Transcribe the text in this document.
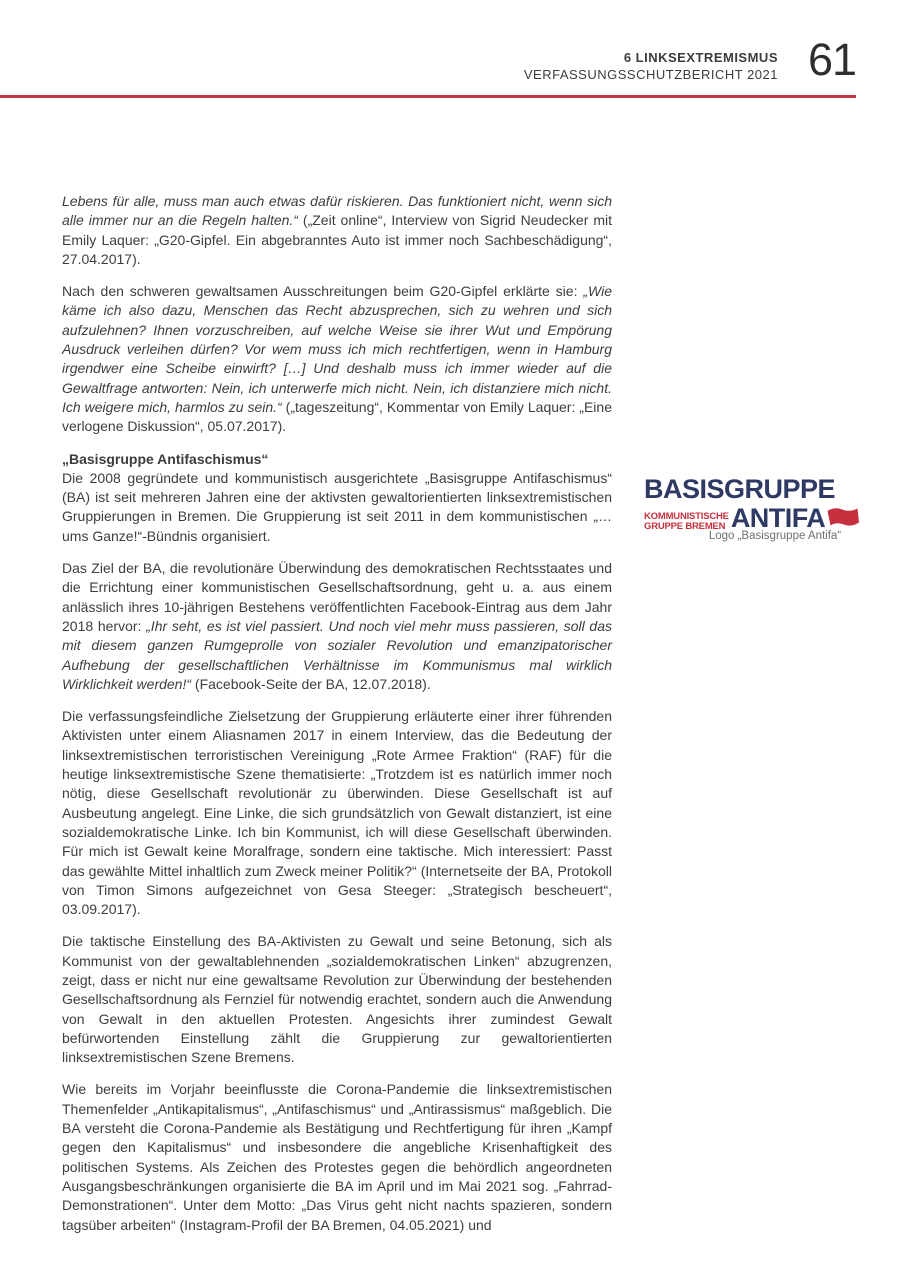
6 LINKSEXTREMISMUS
VERFASSUNGSSCHUTZBERICHT 2021 61

Lebens für alle, muss man auch etwas dafür riskieren. Das funktioniert nicht, wenn sich alle immer nur an die Regeln halten.“ („Zeit online“, Interview von Sigrid Neudecker mit Emily Laquer: „G20-Gipfel. Ein abgebranntes Auto ist immer noch Sachbeschädigung“, 27.04.2017).

Nach den schweren gewaltsamen Ausschreitungen beim G20-Gipfel erklärte sie: „Wie käme ich also dazu, Menschen das Recht abzusprechen, sich zu wehren und sich aufzulehnen? Ihnen vorzuschreiben, auf welche Weise sie ihrer Wut und Empörung Ausdruck verleihen dürfen? Vor wem muss ich mich rechtfertigen, wenn in Hamburg irgendwer eine Scheibe einwirft? […] Und deshalb muss ich immer wieder auf die Gewaltfrage antworten: Nein, ich unterwerfe mich nicht. Nein, ich distanziere mich nicht. Ich weigere mich, harmlos zu sein.“ („tageszeitung“, Kommentar von Emily Laquer: „Eine verlogene Diskussion“, 05.07.2017).

„Basisgruppe Antifaschismus“

Die 2008 gegründete und kommunistisch ausgerichtete „Basisgruppe Antifaschismus“ (BA) ist seit mehreren Jahren eine der aktivsten gewaltorientierten linksextremistischen Gruppierungen in Bremen. Die Gruppierung ist seit 2011 in dem kommunistischen „… ums Ganze!“-Bündnis organisiert.

Das Ziel der BA, die revolutionäre Überwindung des demokratischen Rechtsstaates und die Errichtung einer kommunistischen Gesellschaftsordnung, geht u. a. aus einem anlässlich ihres 10-jährigen Bestehens veröffentlichten Facebook-Eintrag aus dem Jahr 2018 hervor: „Ihr seht, es ist viel passiert. Und noch viel mehr muss passieren, soll das mit diesem ganzen Rumgeprolle von sozialer Revolution und emanzipatorischer Aufhebung der gesellschaftlichen Verhältnisse im Kommunismus mal wirklich Wirklichkeit werden!“ (Facebook-Seite der BA, 12.07.2018).

Die verfassungsfeindliche Zielsetzung der Gruppierung erläuterte einer ihrer führenden Aktivisten unter einem Aliasnamen 2017 in einem Interview, das die Bedeutung der linksextremistischen terroristischen Vereinigung „Rote Armee Fraktion“ (RAF) für die heutige linksextremistische Szene thematisierte: „Trotzdem ist es natürlich immer noch nötig, diese Gesellschaft revolutionär zu überwinden. Diese Gesellschaft ist auf Ausbeutung angelegt. Eine Linke, die sich grundsätzlich von Gewalt distanziert, ist eine sozialdemokratische Linke. Ich bin Kommunist, ich will diese Gesellschaft überwinden. Für mich ist Gewalt keine Moralfrage, sondern eine taktische. Mich interessiert: Passt das gewählte Mittel inhaltlich zum Zweck meiner Politik?“ (Internetseite der BA, Protokoll von Timon Simons aufgezeichnet von Gesa Steeger: „Strategisch bescheuert“, 03.09.2017).

Die taktische Einstellung des BA-Aktivisten zu Gewalt und seine Betonung, sich als Kommunist von der gewaltablehnenden „sozialdemokratischen Linken“ abzugrenzen, zeigt, dass er nicht nur eine gewaltsame Revolution zur Überwindung der bestehenden Gesellschaftsordnung als Fernziel für notwendig erachtet, sondern auch die Anwendung von Gewalt in den aktuellen Protesten. Angesichts ihrer zumindest Gewalt befürwortenden Einstellung zählt die Gruppierung zur gewaltorientierten linksextremistischen Szene Bremens.

Wie bereits im Vorjahr beeinflusste die Corona-Pandemie die linksextremistischen Themenfelder „Antikapitalismus“, „Antifaschismus“ und „Antirassismus“ maßgeblich. Die BA versteht die Corona-Pandemie als Bestätigung und Rechtfertigung für ihren „Kampf gegen den Kapitalismus“ und insbesondere die angebliche Krisenhaftigkeit des politischen Systems. Als Zeichen des Protestes gegen die behördlich angeordneten Ausgangsbeschränkungen organisierte die BA im April und im Mai 2021 sog. „Fahrrad-Demonstrationen“. Unter dem Motto: „Das Virus geht nicht nachts spazieren, sondern tagsüber arbeiten“ (Instagram-Profil der BA Bremen, 04.05.2021) und

BASISGRUPPE
KOMMUNISTISCHE
GRUPPE BREMEN ANTIFA
Logo „Basisgruppe Antifa“
